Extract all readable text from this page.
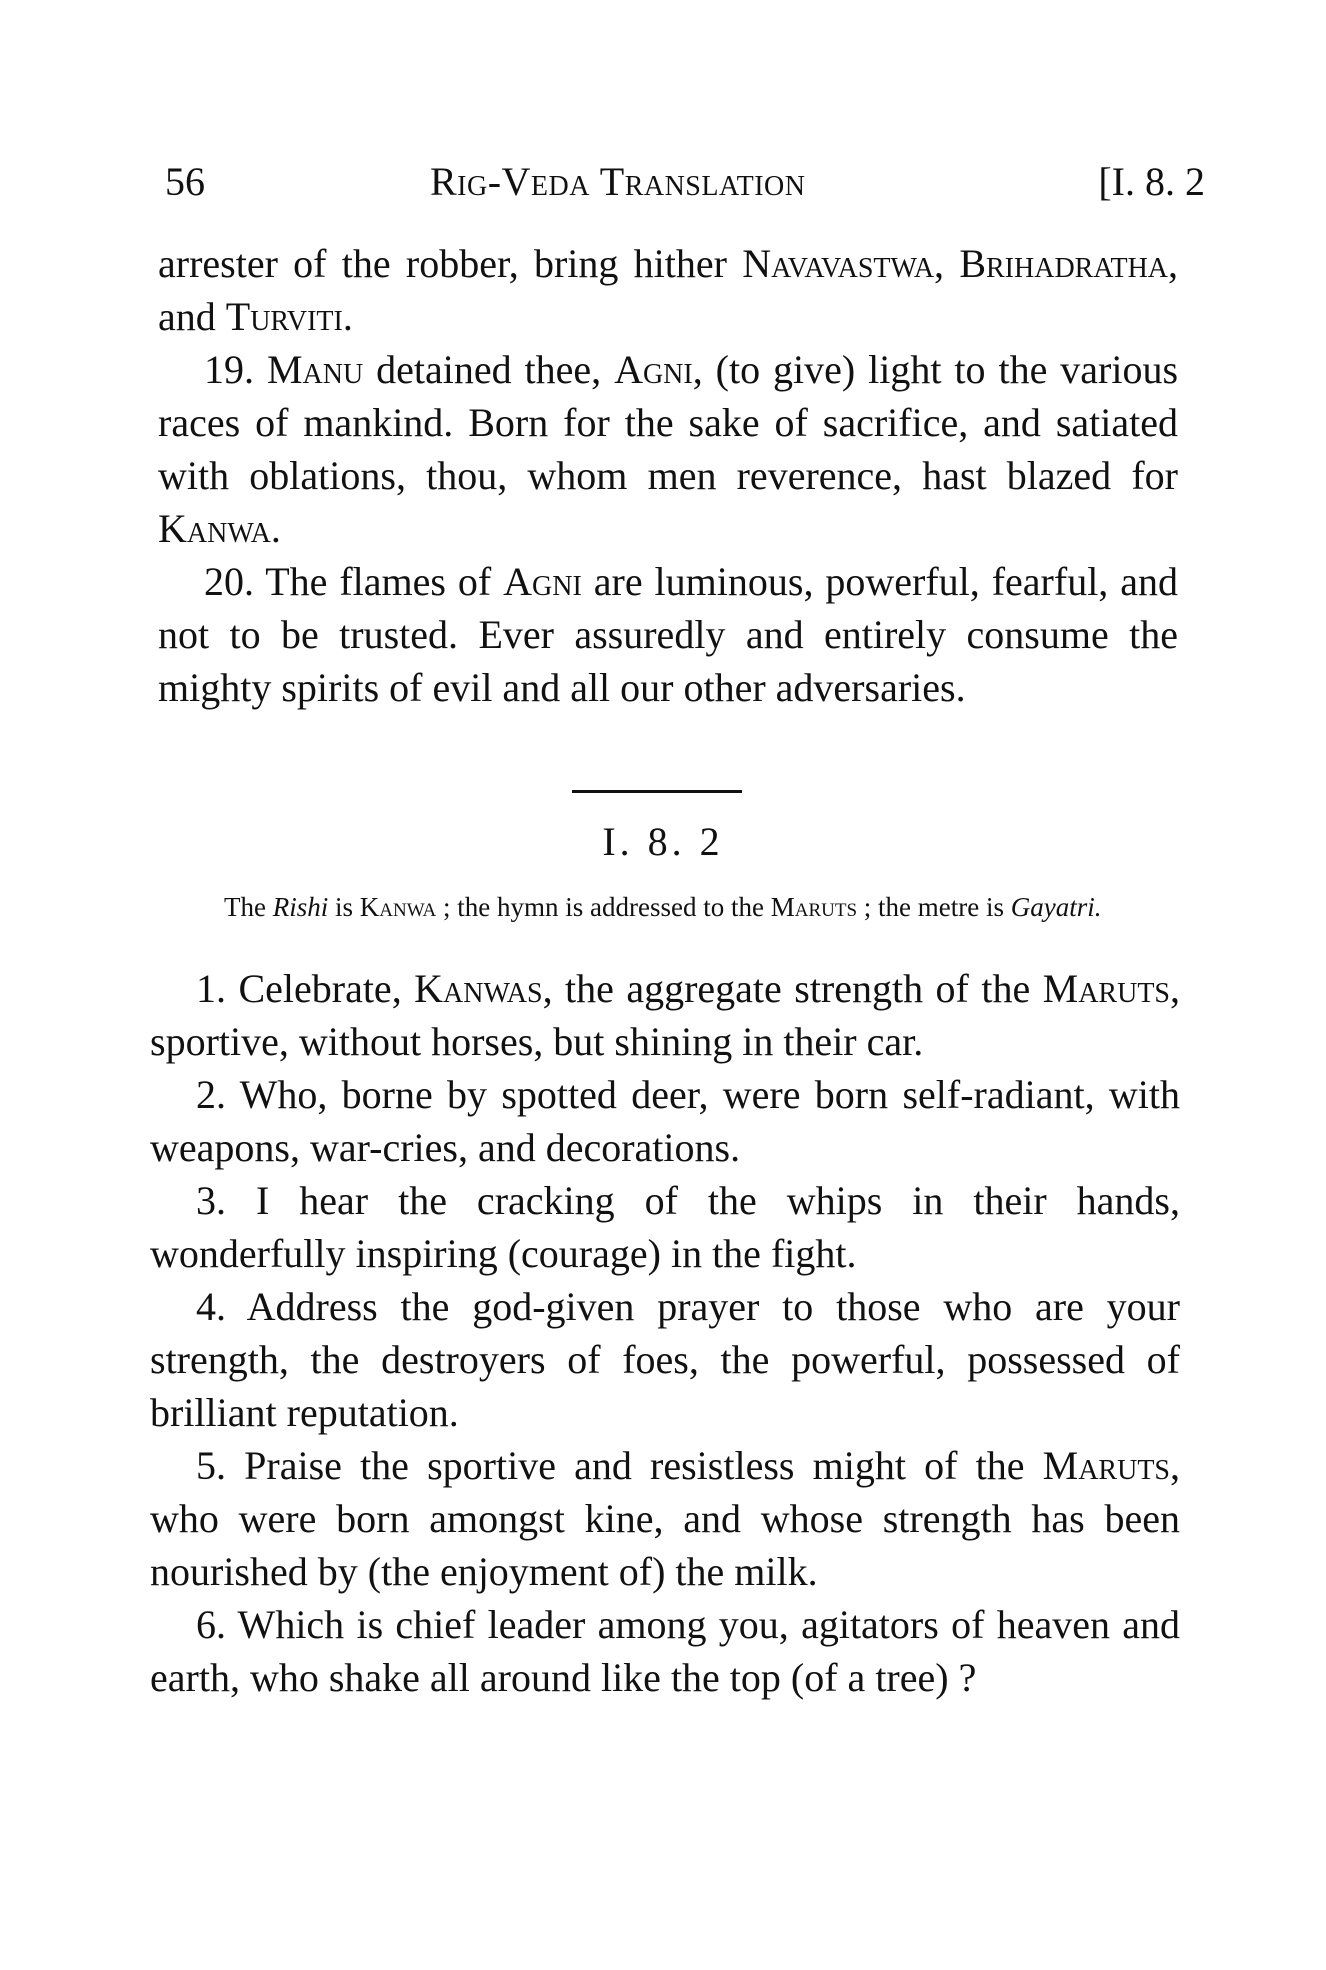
56	Rig-Veda Translation	[I. 8. 2

arrester of the robber, bring hither Navavastwa, Brihadratha, and Turviti.

19. Manu detained thee, Agni, (to give) light to the various races of mankind. Born for the sake of sacrifice, and satiated with oblations, thou, whom men reverence, hast blazed for Kanwa.

20. The flames of Agni are luminous, powerful, fearful, and not to be trusted. Ever assuredly and entirely consume the mighty spirits of evil and all our other adversaries.

I. 8. 2
The Rishi is Kanwa ; the hymn is addressed to the Maruts ; the metre is Gayatri.

1. Celebrate, Kanwas, the aggregate strength of the Maruts, sportive, without horses, but shining in their car.

2. Who, borne by spotted deer, were born self-radiant, with weapons, war-cries, and decorations.

3. I hear the cracking of the whips in their hands, wonderfully inspiring (courage) in the fight.

4. Address the god-given prayer to those who are your strength, the destroyers of foes, the powerful, possessed of brilliant reputation.

5. Praise the sportive and resistless might of the Maruts, who were born amongst kine, and whose strength has been nourished by (the enjoyment of) the milk.

6. Which is chief leader among you, agitators of heaven and earth, who shake all around like the top (of a tree) ?
